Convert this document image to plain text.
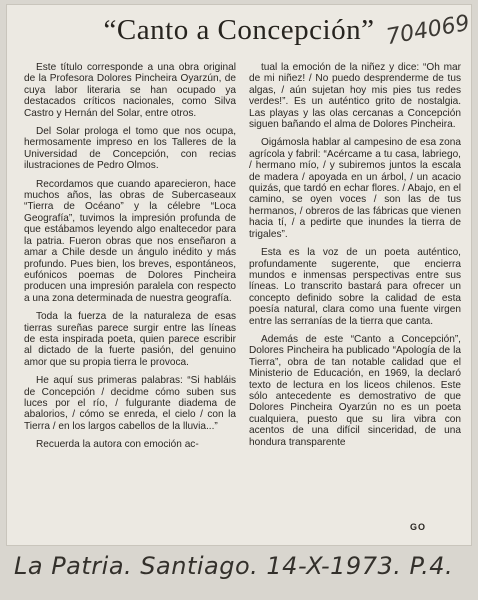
“Canto a Concepción” 704069

Este título corresponde a una obra original de la Profesora Dolores Pincheira Oyarzún, de cuya labor literaria se han ocupado ya destacados críticos nacionales, como Silva Castro y Hernán del Solar, entre otros.

Del Solar prologa el tomo que nos ocupa, hermosamente impreso en los Talleres de la Universidad de Concepción, con recias ilustraciones de Pedro Olmos.

Recordamos que cuando aparecieron, hace muchos años, las obras de Subercaseaux “Tierra de Océano” y la célebre “Loca Geografía”, tuvimos la impresión profunda de que estábamos leyendo algo enaltecedor para la patria. Fueron obras que nos enseñaron a amar a Chile desde un ángulo inédito y más profundo. Pues bien, los breves, espontáneos, eufónicos poemas de Dolores Pincheira producen una impresión paralela con respecto a una zona determinada de nuestra geografía.

Toda la fuerza de la naturaleza de esas tierras sureñas parece surgir entre las líneas de esta inspirada poeta, quien parece escribir al dictado de la fuerte pasión, del genuino amor que su propia tierra le provoca.

He aquí sus primeras palabras: “Si habláis de Concepción / decidme cómo suben sus luces por el río, / fulgurante diadema de abalorios, / cómo se enreda, el cielo / con la Tierra / en los largos cabellos de la lluvia...”

Recuerda la autora con emoción ac-

tual la emoción de la niñez y dice: “Oh mar de mi niñez! / No puedo desprenderme de tus algas, / aún sujetan hoy mis pies tus redes verdes!”. Es un auténtico grito de nostalgia. Las playas y las olas cercanas a Concepción siguen bañando el alma de Dolores Pincheira.

Oigámosla hablar al campesino de esa zona agrícola y fabril: “Acércame a tu casa, labriego, / hermano mío, / y subiremos juntos la escala de madera / apoyada en un árbol, / un acacio quizás, que tardó en echar flores. / Abajo, en el camino, se oyen voces / son las de tus hermanos, / obreros de las fábricas que vienen hacia tí, / a pedirte que inundes la tierra de trigales”.

Esta es la voz de un poeta auténtico, profundamente sugerente, que encierra mundos e inmensas perspectivas entre sus líneas. Lo transcrito bastará para ofrecer un concepto definido sobre la calidad de esta poesía natural, clara como una fuente virgen entre las serranías de la tierra que canta.

Además de este “Canto a Concepción”, Dolores Pincheira ha publicado “Apología de la Tierra”, obra de tan notable calidad que el Ministerio de Educación, en 1969, la declaró texto de lectura en los liceos chilenos. Este sólo antecedente es demostrativo de que Dolores Pincheira Oyarzún no es un poeta cualquiera, puesto que su lira vibra con acentos de una difícil sinceridad, de una hondura transparente

GO
La Patria. Santiago. 14-X-1973. P.4.
